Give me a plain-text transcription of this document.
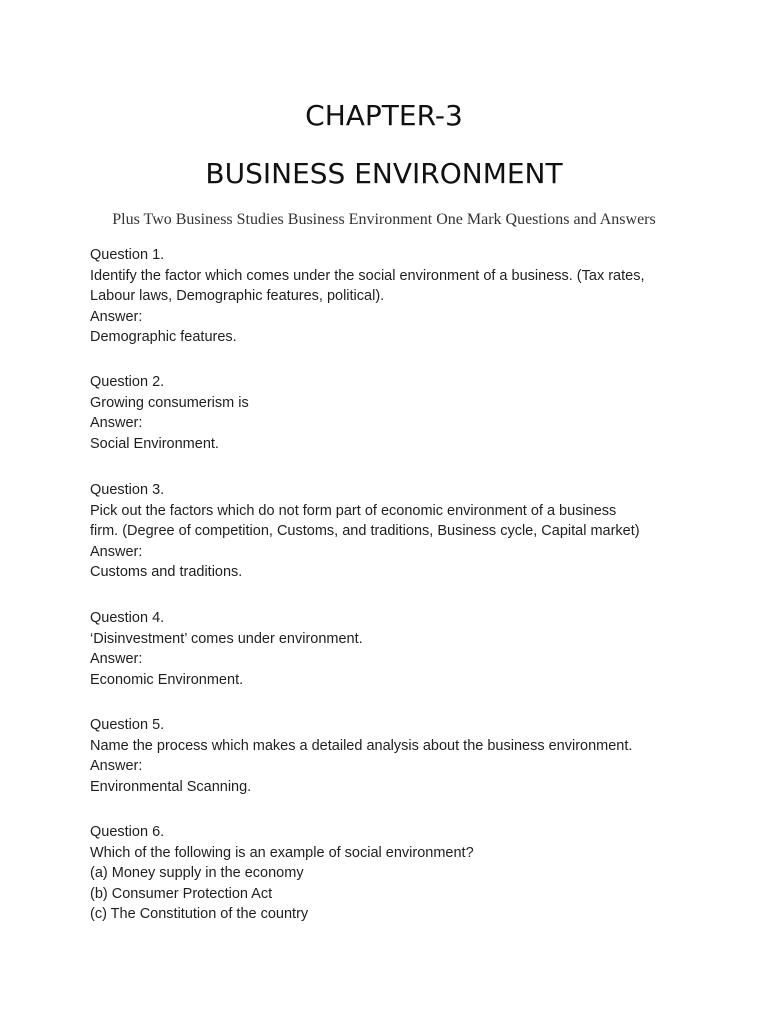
CHAPTER-3
BUSINESS ENVIRONMENT
Plus Two Business Studies Business Environment One Mark Questions and Answers
Question 1.
Identify the factor which comes under the social environment of a business. (Tax rates,
Labour laws, Demographic features, political).
Answer:
Demographic features.
Question 2.
Growing consumerism is
Answer:
Social Environment.
Question 3.
Pick out the factors which do not form part of economic environment of a business
firm. (Degree of competition, Customs, and traditions, Business cycle, Capital market)
Answer:
Customs and traditions.
Question 4.
‘Disinvestment’ comes under environment.
Answer:
Economic Environment.
Question 5.
Name the process which makes a detailed analysis about the business environment.
Answer:
Environmental Scanning.
Question 6.
Which of the following is an example of social environment?
(a) Money supply in the economy
(b) Consumer Protection Act
(c) The Constitution of the country
